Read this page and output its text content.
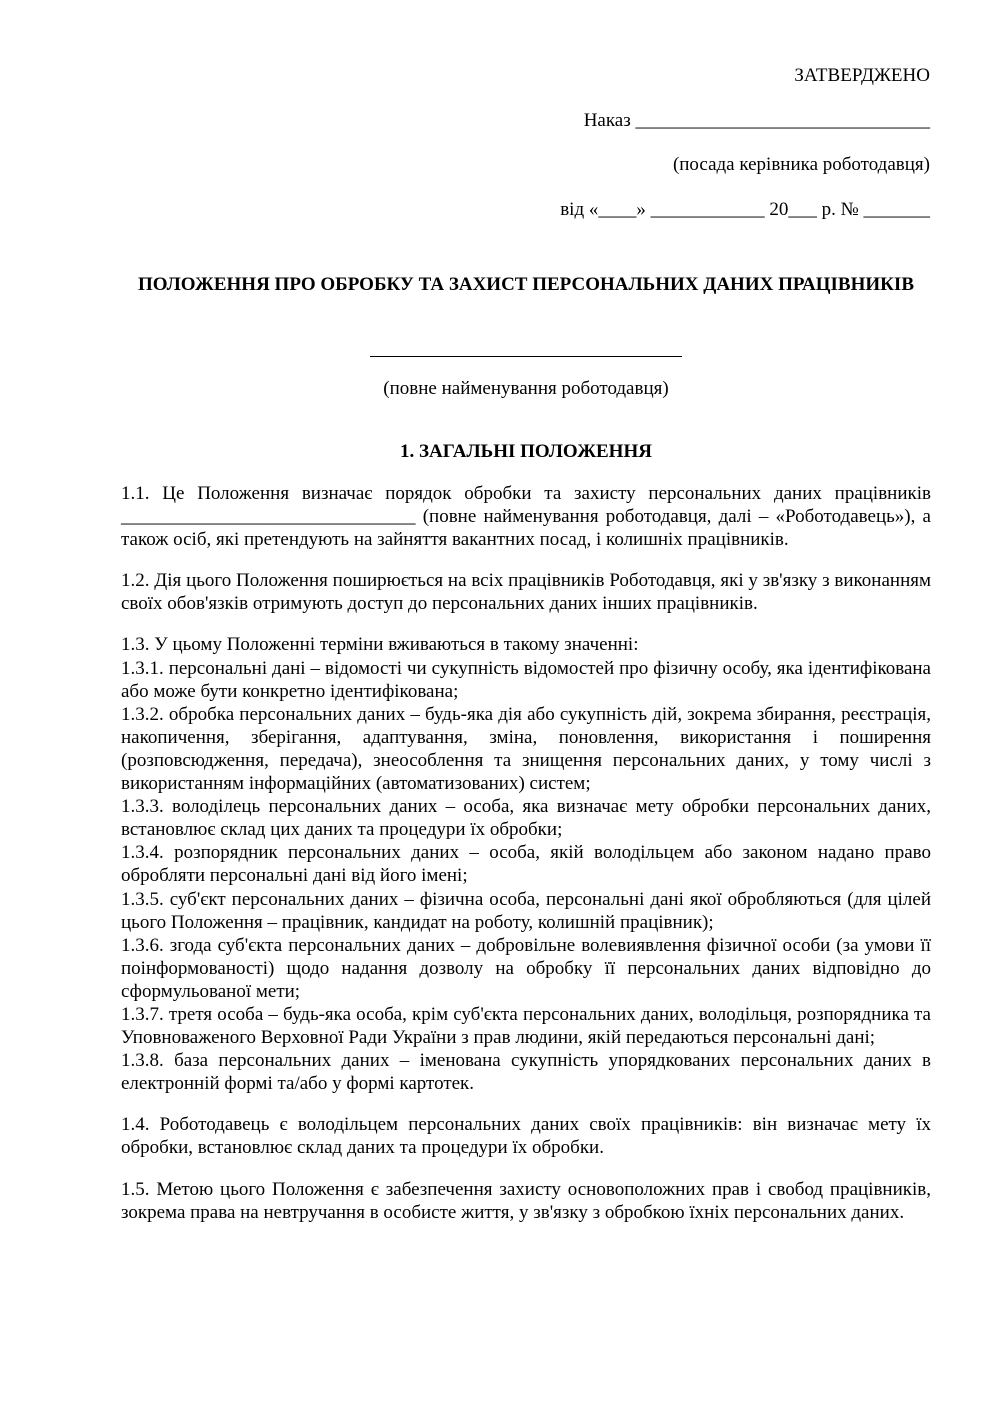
ЗАТВЕРДЖЕНО
Наказ _______________________________
(посада керівника роботодавця)
від «____» ____________ 20___ р. № _______
ПОЛОЖЕННЯ ПРО ОБРОБКУ ТА ЗАХИСТ ПЕРСОНАЛЬНИХ ДАНИХ ПРАЦІВНИКІВ
(повне найменування роботодавця)
1. ЗАГАЛЬНІ ПОЛОЖЕННЯ

1.1. Це Положення визначає порядок обробки та захисту персональних даних працівників _______________________________ (повне найменування роботодавця, далі – «Роботодавець»), а також осіб, які претендують на зайняття вакантних посад, і колишніх працівників.

1.2. Дія цього Положення поширюється на всіх працівників Роботодавця, які у зв'язку з виконанням своїх обов'язків отримують доступ до персональних даних інших працівників.

1.3. У цьому Положенні терміни вживаються в такому значенні:

1.3.1. персональні дані – відомості чи сукупність відомостей про фізичну особу, яка ідентифікована або може бути конкретно ідентифікована;

1.3.2. обробка персональних даних – будь-яка дія або сукупність дій, зокрема збирання, реєстрація, накопичення, зберігання, адаптування, зміна, поновлення, використання і поширення (розповсюдження, передача), знеособлення та знищення персональних даних, у тому числі з використанням інформаційних (автоматизованих) систем;

1.3.3. володілець персональних даних – особа, яка визначає мету обробки персональних даних, встановлює склад цих даних та процедури їх обробки;

1.3.4. розпорядник персональних даних – особа, якій володільцем або законом надано право обробляти персональні дані від його імені;

1.3.5. суб'єкт персональних даних – фізична особа, персональні дані якої обробляються (для цілей цього Положення – працівник, кандидат на роботу, колишній працівник);

1.3.6. згода суб'єкта персональних даних – добровільне волевиявлення фізичної особи (за умови її поінформованості) щодо надання дозволу на обробку її персональних даних відповідно до сформульованої мети;

1.3.7. третя особа – будь-яка особа, крім суб'єкта персональних даних, володільця, розпорядника та Уповноваженого Верховної Ради України з прав людини, якій передаються персональні дані;

1.3.8. база персональних даних – іменована сукупність упорядкованих персональних даних в електронній формі та/або у формі картотек.

1.4. Роботодавець є володільцем персональних даних своїх працівників: він визначає мету їх обробки, встановлює склад даних та процедури їх обробки.

1.5. Метою цього Положення є забезпечення захисту основоположних прав і свобод працівників, зокрема права на невтручання в особисте життя, у зв'язку з обробкою їхніх персональних даних.
